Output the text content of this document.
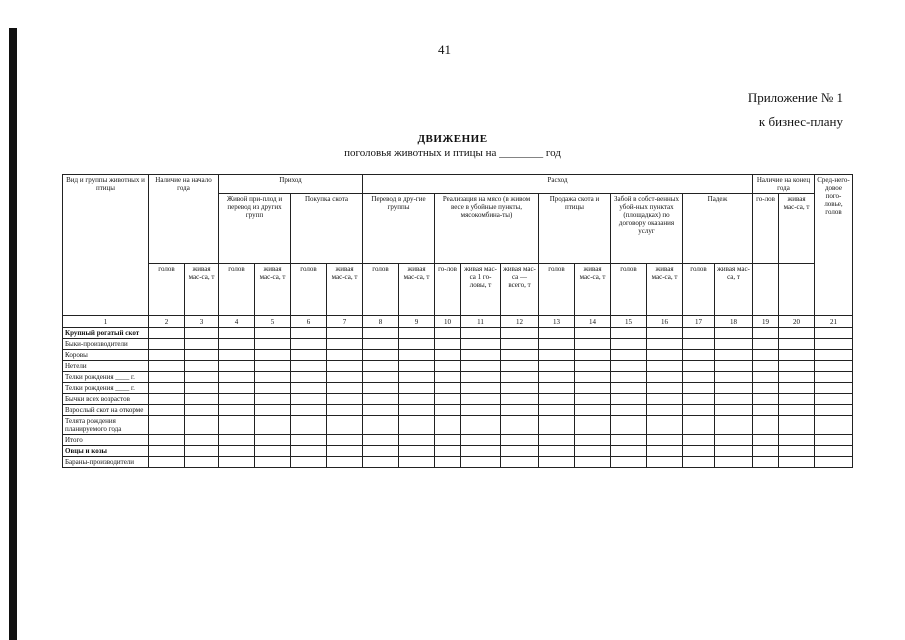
41
Приложение № 1
к бизнес-плану
ДВИЖЕНИЕ
поголовья животных и птицы на ________ год
Вид и группы животных и птицы	Наличие на начало года		Приход				Расход											Наличие на конец года		Сред-него-довое пого-ловье, голов
			Живой при-плод и перевод из других групп		Покупка скота		Перевод в дру-гие группы		Реализация на мясо (в живом весе в убойные пункты, мясокомбина-ты)			Продажа скота и птицы		Забой в собст-венных убой-ных пунктах (площадках) по договору оказания услуг		Падеж		го-лов	живая мас-са, т	
	голов	живая мас-са, т	голов	живая мас-са, т	голов	живая мас-са, т	голов	живая мас-са, т	го-лов	живая мас-са 1 го-ловы, т	живая мас-са — всего, т	голов	живая мас-са, т	голов	живая мас-са, т	голов	живая мас-са, т			
1	2	3	4	5	6	7	8	9	10	11	12	13	14	15	16	17	18	19	20	21
Крупный рогатый скот																				
Быки-производители																				
Коровы																				
Нетели																				
Телки рождения ____ г.																				
Телки рождения ____ г.																				
Бычки всех возрастов																				
Взрослый скот на откорме																				
Телята рождения планируемого года																				
Итого																				
Овцы и козы																				
Бараны-производители																				
